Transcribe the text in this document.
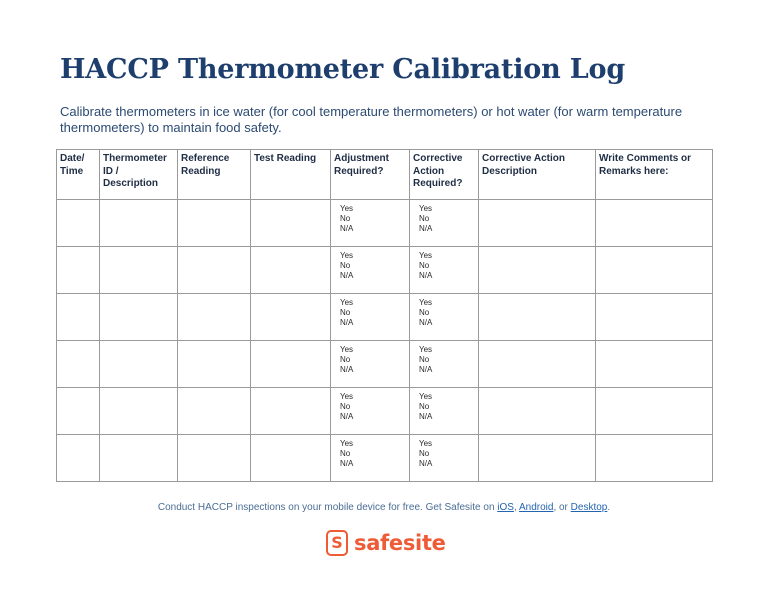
HACCP Thermometer Calibration Log
Calibrate thermometers in ice water (for cool temperature thermometers) or hot water (for warm temperature thermometers) to maintain food safety.
Date/ Time	Thermometer ID / Description	Reference Reading	Test Reading	Adjustment Required?	Corrective Action Required?	Corrective Action Description	Write Comments or Remarks here:

				Yes
No
N/A	Yes
No
N/A		

				Yes
No
N/A	Yes
No
N/A		

				Yes
No
N/A	Yes
No
N/A		

				Yes
No
N/A	Yes
No
N/A		

				Yes
No
N/A	Yes
No
N/A		

				Yes
No
N/A	Yes
No
N/A		

Conduct HACCP inspections on your mobile device for free. Get Safesite on iOS, Android, or Desktop.
S safesite
